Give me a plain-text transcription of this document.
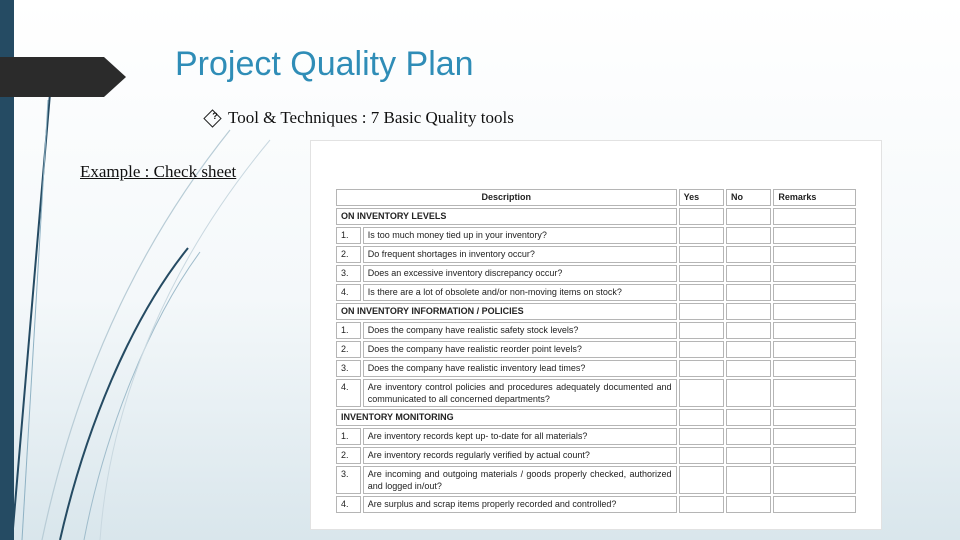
Project Quality Plan
? Tool & Techniques : 7 Basic Quality tools
Example : Check sheet
Description		Yes	No	Remarks
ON INVENTORY LEVELS				
1.	Is too much money tied up in your inventory?			
2.	Do frequent shortages in inventory occur?			
3.	Does an excessive inventory discrepancy occur?			
4.	Is there are a lot of obsolete and/or non-moving items on stock?			
ON INVENTORY INFORMATION / POLICIES				
1.	Does the company have realistic safety stock levels?			
2.	Does the company have realistic reorder point levels?			
3.	Does the company have realistic inventory lead times?			
4.	Are inventory control policies and procedures adequately documented and communicated to all concerned departments?			
INVENTORY MONITORING				
1.	Are inventory records kept up- to-date for all materials?			
2.	Are inventory records regularly verified by actual count?			
3.	Are incoming and outgoing materials / goods properly checked, authorized and logged in/out?			
4.	Are surplus and scrap items properly recorded and controlled?			
